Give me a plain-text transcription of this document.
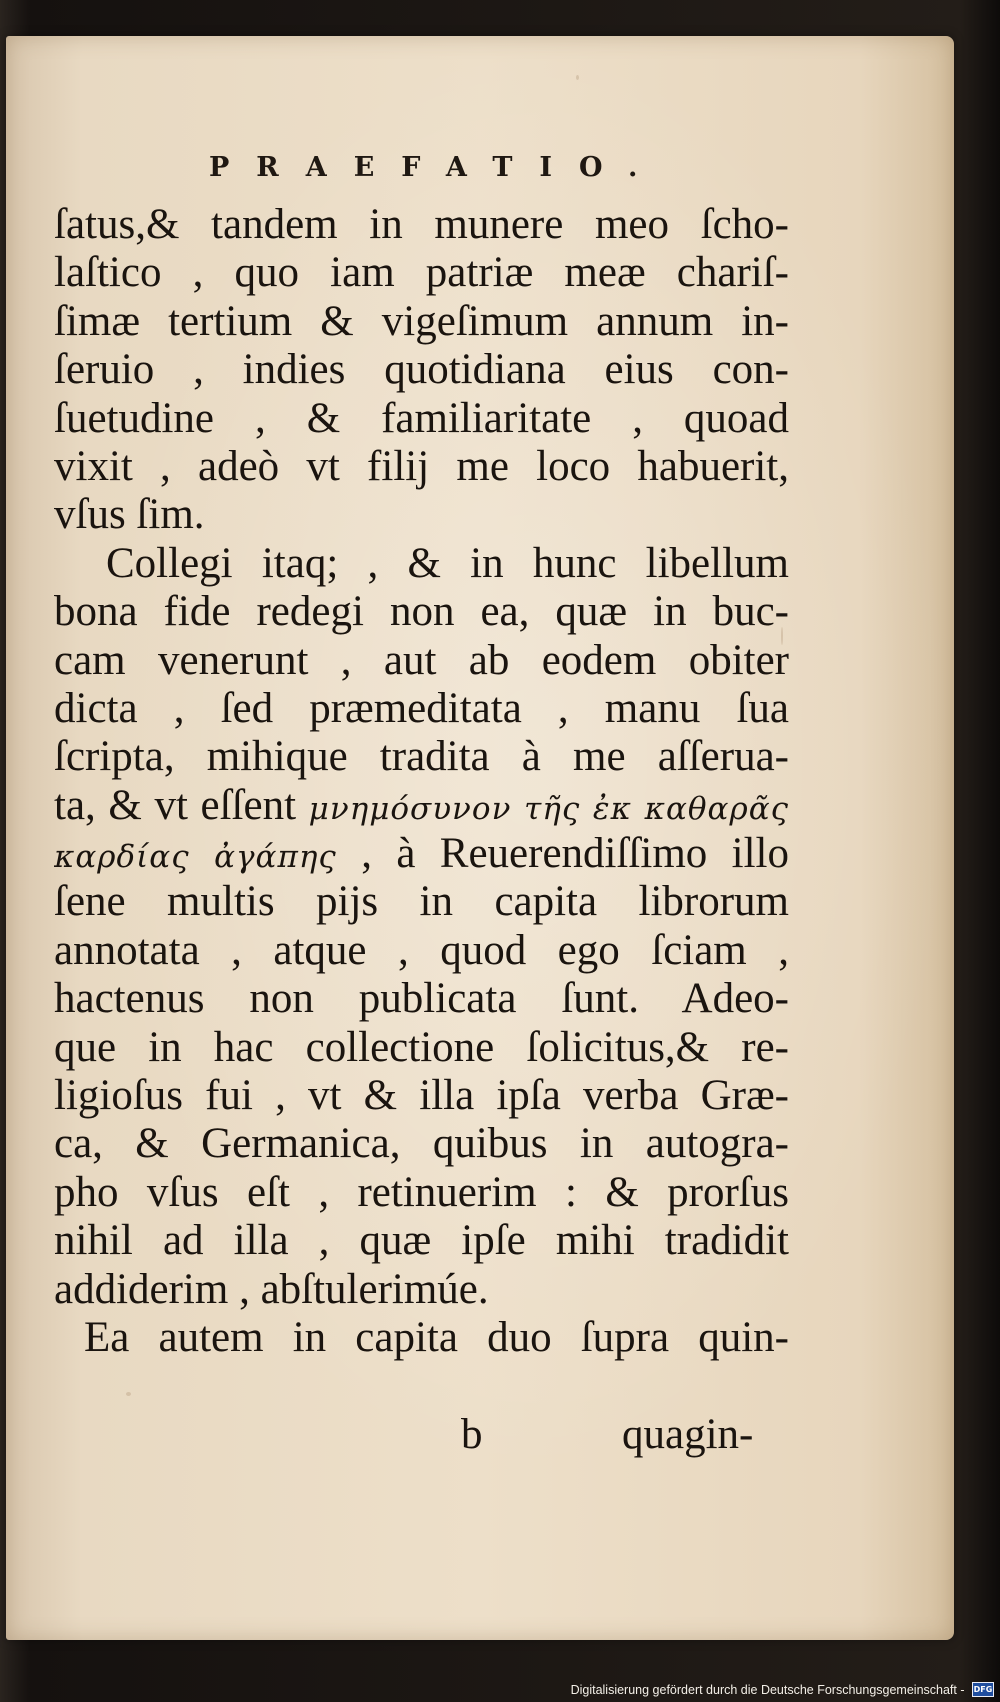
PRAEFATIO.
ſatus,& tandem in munere meo ſcho-
laſtico , quo iam patriæ meæ chariſ-
ſimæ tertium & vigeſimum annum in-
ſeruio , indies quotidiana eius con-
ſuetudine , & familiaritate , quoad
vixit , adeò vt filij me loco habuerit,
vſus ſim.
Collegi itaq; , & in hunc libellum
bona fide redegi non ea, quæ in buc-
cam venerunt , aut ab eodem obiter
dicta , ſed præmeditata , manu ſua
ſcripta, mihique tradita à me aſſerua-
ta, & vt eſſent μνημόσυνον τῆς ἐκ καθαρᾶς
καρδίας ἀγάπης , à Reuerendiſſimo illo
ſene multis pijs in capita librorum
annotata , atque , quod ego ſciam ,
hactenus non publicata ſunt. Adeo-
que in hac collectione ſolicitus,& re-
ligioſus fui , vt & illa ipſa verba Græ-
ca, & Germanica, quibus in autogra-
pho vſus eſt , retinuerim : & prorſus
nihil ad illa , quæ ipſe mihi tradidit
addiderim , abſtulerimúe.
Ea autem in capita duo ſupra quin-
b	quagin-
Digitalisierung gefördert durch die Deutsche Forschungsgemeinschaft - DFG
